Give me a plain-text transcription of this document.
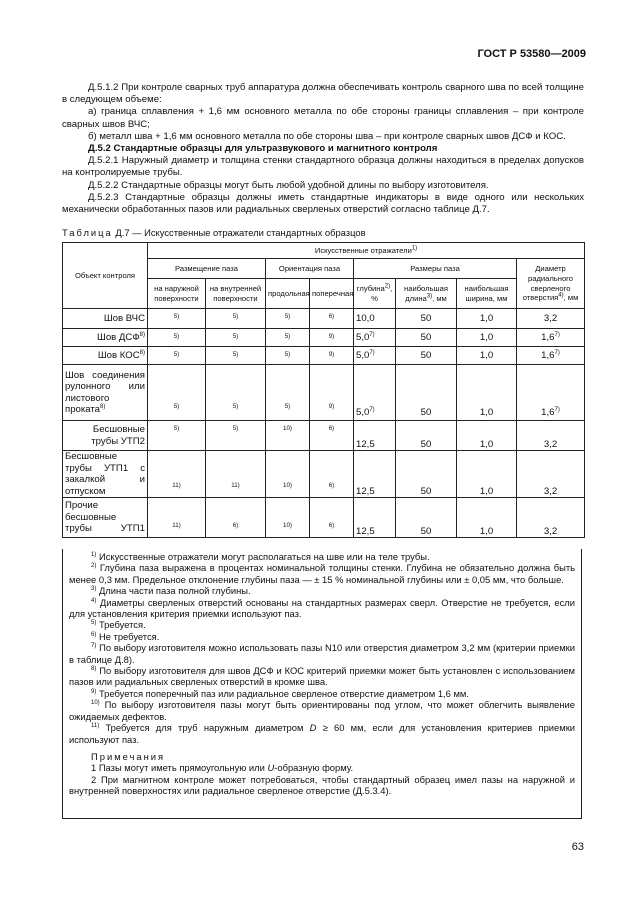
ГОСТ Р 53580—2009

Д.5.1.2 При контроле сварных труб аппаратура должна обеспечивать контроль сварного шва по всей толщине в следующем объеме:

а) граница сплавления + 1,6 мм основного металла по обе стороны границы сплавления – при контроле сварных швов ВЧС;

б) металл шва + 1,6 мм основного металла по обе стороны шва – при контроле сварных швов ДСФ и КОС.

Д.5.2 Стандартные образцы для ультразвукового и магнитного контроля

Д.5.2.1 Наружный диаметр и толщина стенки стандартного образца должны находиться в пределах допусков на контролируемые трубы.

Д.5.2.2 Стандартные образцы могут быть любой удобной длины по выбору изготовителя.

Д.5.2.3 Стандартные образцы должны иметь стандартные индикаторы в виде одного или нескольких механически обработанных пазов или радиальных сверленых отверстий согласно таблице Д.7.

Таблица Д.7 — Искусственные отражатели стандартных образцов
Объект контроля	Искусственные отражатели$^{1)}$
	Размещение паза		Ориентация паза		Размеры паза			Диаметр радиального сверленого отверстия$^{4)}$, мм
	на наружной поверхности	на внутренней поверхности	продольная	поперечная	глубина$^{2)}$, %	наибольшая длина$^{3)}$, мм	наибольшая ширина, мм	
Шов ВЧС	5)	5)	5)	6)	10,0	50	1,0	3,2
Шов ДСФ$^{8)}$	5)	5)	5)	9)	5,0$^{7)}$	50	1,0	1,6$^{7)}$
Шов КОС$^{8)}$	5)	5)	5)	9)	5,0$^{7)}$	50	1,0	1,6$^{7)}$
Шов соединения рулонного или листового проката$^{8)}$	5)	5)	5)	9)	5,0$^{7)}$	50	1,0	1,6$^{7)}$
Бесшовные трубы УТП2	5)	5)	10)	6)	12,5	50	1,0	3,2
Бесшовные трубы УТП1 с закалкой и отпуском	11)	11)	10)	6)	12,5	50	1,0	3,2
Прочие бесшовные трубы УТП1	11)	6)	10)	6)	12,5	50	1,0	3,2

$^{1)}$ Искусственные отражатели могут располагаться на шве или на теле трубы.

$^{2)}$ Глубина паза выражена в процентах номинальной толщины стенки. Глубина не обязательно должна быть менее 0,3 мм. Предельное отклонение глубины паза — ± 15 % номинальной глубины или ± 0,05 мм, что больше.

$^{3)}$ Длина части паза полной глубины.

$^{4)}$ Диаметры сверленых отверстий основаны на стандартных размерах сверл. Отверстие не требуется, если для установления критерия приемки используют паз.

$^{5)}$ Требуется.

$^{6)}$ Не требуется.

$^{7)}$ По выбору изготовителя можно использовать пазы N10 или отверстия диаметром 3,2 мм (критерии приемки в таблице Д.8).

$^{8)}$ По выбору изготовителя для швов ДСФ и КОС критерий приемки может быть установлен с использованием пазов или радиальных сверленых отверстий в кромке шва.

$^{9)}$ Требуется поперечный паз или радиальное сверленое отверстие диаметром 1,6 мм.

$^{10)}$ По выбору изготовителя пазы могут быть ориентированы под углом, что может облегчить выявление ожидаемых дефектов.

$^{11)}$ Требуется для труб наружным диаметром D ≥ 60 мм, если для установления критериев приемки используют паз.

Примечания

1 Пазы могут иметь прямоугольную или U-образную форму.

2 При магнитном контроле может потребоваться, чтобы стандартный образец имел пазы на наружной и внутренней поверхностях или радиальное сверленое отверстие (Д.5.3.4).

63
